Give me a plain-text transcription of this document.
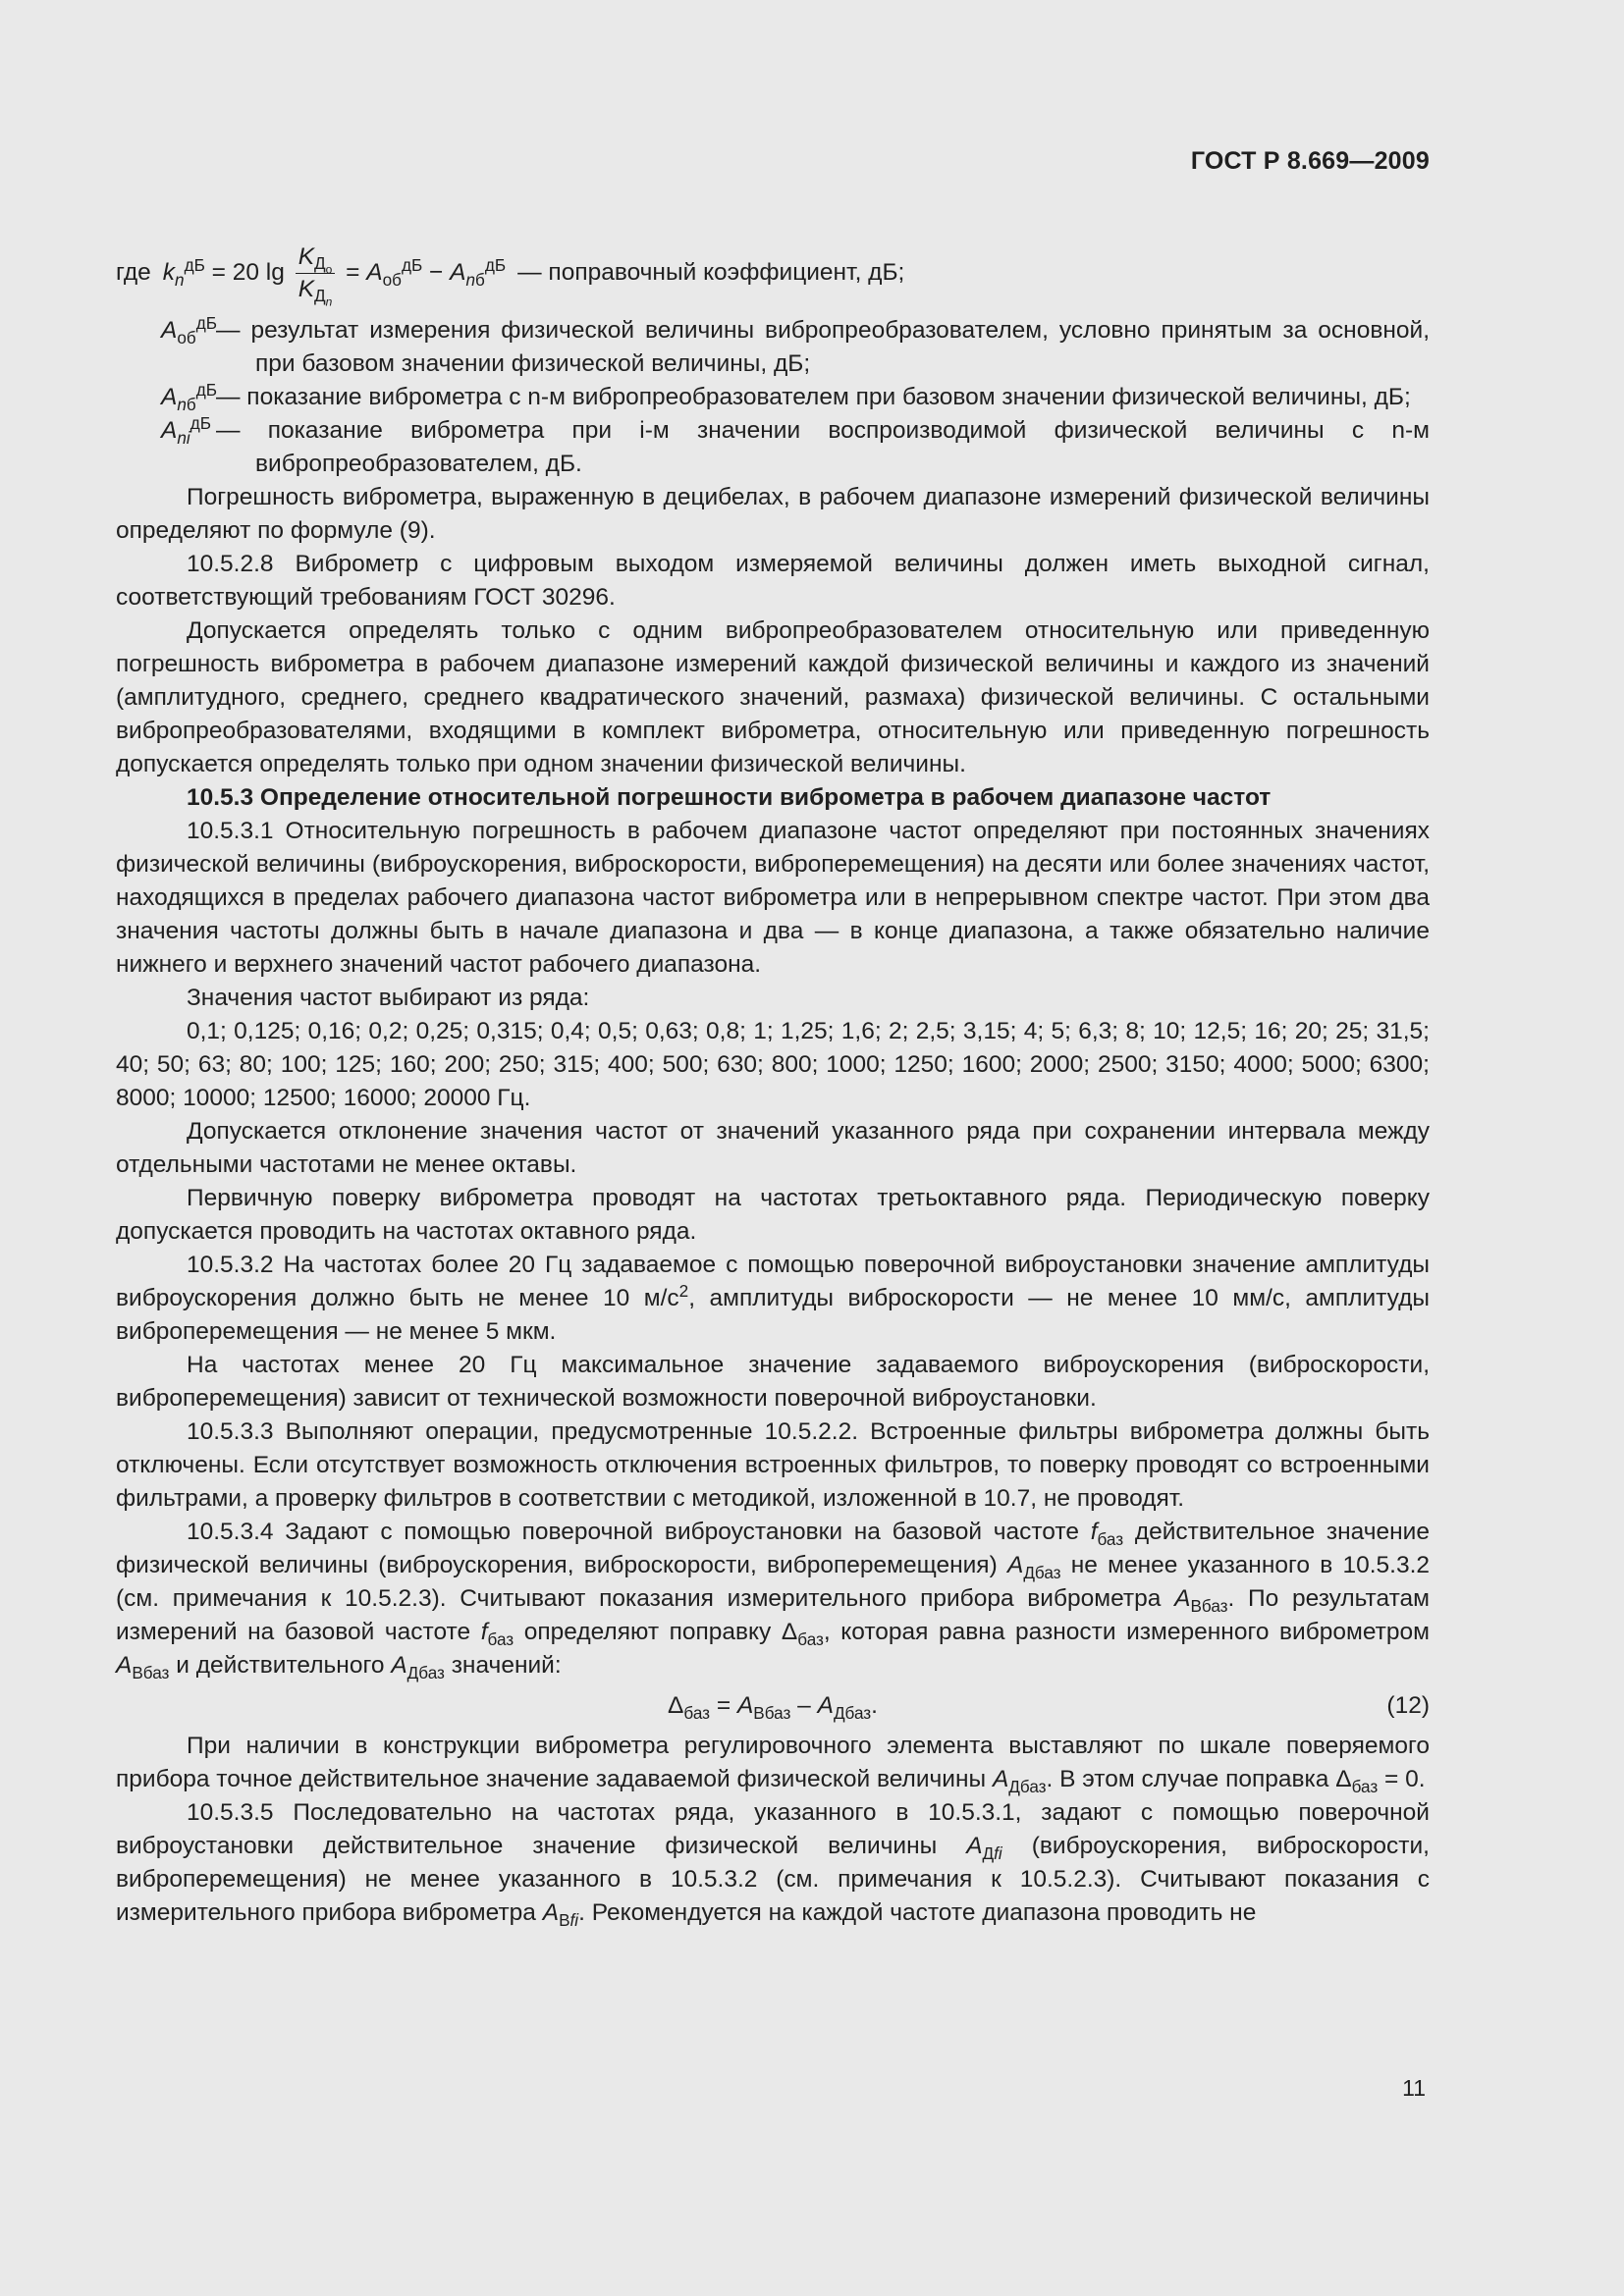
ГОСТ Р 8.669—2009
где $k_n^{дБ} = 20$ $\lg \frac{K_{Д_о}}{K_{Д_n}} = A_{об}^{дБ} - A_{nб}^{дБ}$ — поправочный коэффициент, дБ;
$A_{об}^{дБ}$ — результат измерения физической величины вибропреобразователем, условно принятым за основной, при базовом значении физической величины, дБ;
$A_{nб}^{дБ}$ — показание виброметра с n-м вибропреобразователем при базовом значении физической величины, дБ;
$A_{ni}^{дБ}$ — показание виброметра при i-м значении воспроизводимой физической величины с n-м вибропреобразователем, дБ.

Погрешность виброметра, выраженную в децибелах, в рабочем диапазоне измерений физической величины определяют по формуле (9).

10.5.2.8 Виброметр с цифровым выходом измеряемой величины должен иметь выходной сигнал, соответствующий требованиям ГОСТ 30296.

Допускается определять только с одним вибропреобразователем относительную или приведенную погрешность виброметра в рабочем диапазоне измерений каждой физической величины и каждого из значений (амплитудного, среднего, среднего квадратического значений, размаха) физической величины. С остальными вибропреобразователями, входящими в комплект виброметра, относительную или приведенную погрешность допускается определять только при одном значении физической величины.

10.5.3 Определение относительной погрешности виброметра в рабочем диапазоне частот

10.5.3.1 Относительную погрешность в рабочем диапазоне частот определяют при постоянных значениях физической величины (виброускорения, виброскорости, виброперемещения) на десяти или более значениях частот, находящихся в пределах рабочего диапазона частот виброметра или в непрерывном спектре частот. При этом два значения частоты должны быть в начале диапазона и два — в конце диапазона, а также обязательно наличие нижнего и верхнего значений частот рабочего диапазона.

Значения частот выбирают из ряда:

0,1; 0,125; 0,16; 0,2; 0,25; 0,315; 0,4; 0,5; 0,63; 0,8; 1; 1,25; 1,6; 2; 2,5; 3,15; 4; 5; 6,3; 8; 10; 12,5; 16; 20; 25; 31,5; 40; 50; 63; 80; 100; 125; 160; 200; 250; 315; 400; 500; 630; 800; 1000; 1250; 1600; 2000; 2500; 3150; 4000; 5000; 6300; 8000; 10000; 12500; 16000; 20000 Гц.

Допускается отклонение значения частот от значений указанного ряда при сохранении интервала между отдельными частотами не менее октавы.

Первичную поверку виброметра проводят на частотах третьоктавного ряда. Периодическую поверку допускается проводить на частотах октавного ряда.

10.5.3.2 На частотах более 20 Гц задаваемое с помощью поверочной виброустановки значение амплитуды виброускорения должно быть не менее 10 $м/с^2$, амплитуды виброскорости — не менее 10 мм/с, амплитуды виброперемещения — не менее 5 мкм.

На частотах менее 20 Гц максимальное значение задаваемого виброускорения (виброскорости, виброперемещения) зависит от технической возможности поверочной виброустановки.

10.5.3.3 Выполняют операции, предусмотренные 10.5.2.2. Встроенные фильтры виброметра должны быть отключены. Если отсутствует возможность отключения встроенных фильтров, то поверку проводят со встроенными фильтрами, а проверку фильтров в соответствии с методикой, изложенной в 10.7, не проводят.

10.5.3.4 Задают с помощью поверочной виброустановки на базовой частоте $f_{баз}$ действительное значение физической величины (виброускорения, виброскорости, виброперемещения) $A_{Дбаз}$ не менее указанного в 10.5.3.2 (см. примечания к 10.5.2.3). Считывают показания измерительного прибора виброметра $A_{Вбаз}$. По результатам измерений на базовой частоте $f_{баз}$ определяют поправку $\Delta_{баз}$, которая равна разности измеренного виброметром $A_{Вбаз}$ и действительного $A_{Дбаз}$ значений:

$\Delta_{баз} = A_{Вбаз} - A_{Дбаз}$.	(12)

При наличии в конструкции виброметра регулировочного элемента выставляют по шкале поверяемого прибора точное действительное значение задаваемой физической величины $A_{Дбаз}$. В этом случае поправка $\Delta_{баз} = 0$.

10.5.3.5 Последовательно на частотах ряда, указанного в 10.5.3.1, задают с помощью поверочной виброустановки действительное значение физической величины $A_{Дfi}$ (виброускорения, виброскорости, виброперемещения) не менее указанного в 10.5.3.2 (см. примечания к 10.5.2.3). Считывают показания с измерительного прибора виброметра $A_{Вfi}$. Рекомендуется на каждой частоте диапазона проводить не

11
